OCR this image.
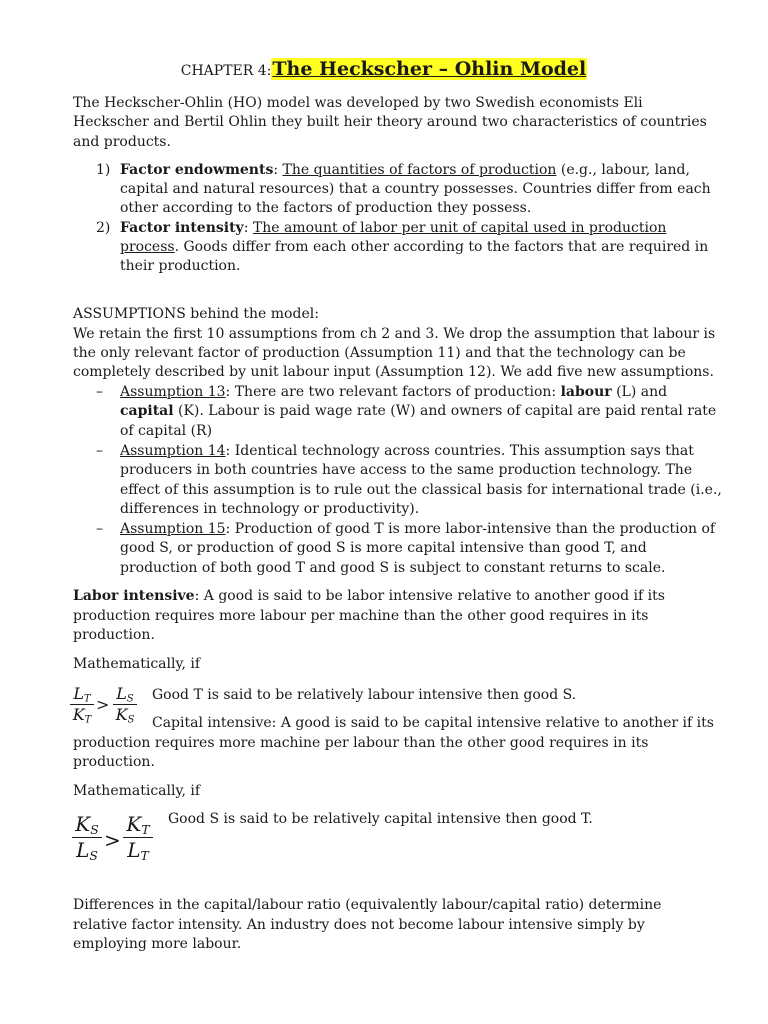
CHAPTER 4:The Heckscher – Ohlin Model
The Heckscher-Ohlin (HO) model was developed by two Swedish economists Eli
Heckscher and Bertil Ohlin they built heir theory around two characteristics of countries
and products.
1) Factor endowments: The quantities of factors of production (e.g., labour, land,
capital and natural resources) that a country possesses. Countries differ from each
other according to the factors of production they possess.
2) Factor intensity: The amount of labor per unit of capital used in production
process. Goods differ from each other according to the factors that are required in
their production.
ASSUMPTIONS behind the model:
We retain the first 10 assumptions from ch 2 and 3. We drop the assumption that labour is
the only relevant factor of production (Assumption 11) and that the technology can be
completely described by unit labour input (Assumption 12). We add five new assumptions.
– Assumption 13: There are two relevant factors of production: labour (L) and
capital (K). Labour is paid wage rate (W) and owners of capital are paid rental rate
of capital (R)
– Assumption 14: Identical technology across countries. This assumption says that
producers in both countries have access to the same production technology. The
effect of this assumption is to rule out the classical basis for international trade (i.e.,
differences in technology or productivity).
– Assumption 15: Production of good T is more labor-intensive than the production of
good S, or production of good S is more capital intensive than good T, and
production of both good T and good S is subject to constant returns to scale.
Labor intensive: A good is said to be labor intensive relative to another good if its
production requires more labour per machine than the other good requires in its
production.
Mathematically, if
$L_T$
$K_T$
>
$L_S$
$K_S$
Good T is said to be relatively labour intensive then good S.
Capital intensive: A good is said to be capital intensive relative to another if its
production requires more machine per labour than the other good requires in its
production.
Mathematically, if
$K_S$
$L_S$
>
$K_T$
$L_T$
Good S is said to be relatively capital intensive then good T.
Differences in the capital/labour ratio (equivalently labour/capital ratio) determine
relative factor intensity. An industry does not become labour intensive simply by
employing more labour.
